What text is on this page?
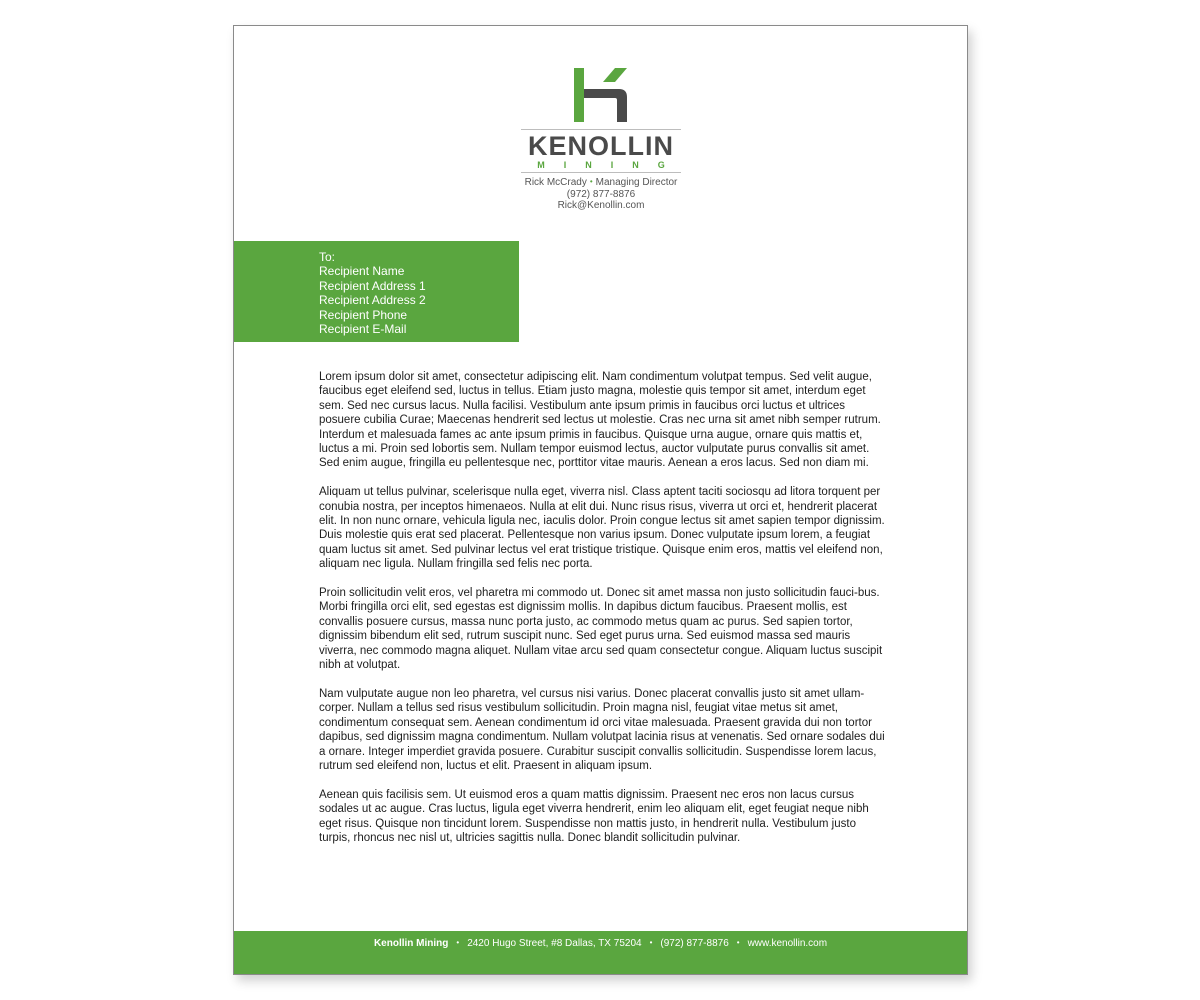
KENOLLIN
MINING
Rick McCrady • Managing Director
(972) 877-8876
Rick@Kenollin.com
To:
Recipient Name
Recipient Address 1
Recipient Address 2
Recipient Phone
Recipient E-Mail

Lorem ipsum dolor sit amet, consectetur adipiscing elit. Nam condimentum volutpat tempus. Sed velit augue, faucibus eget eleifend sed, luctus in tellus. Etiam justo magna, molestie quis tempor sit amet, interdum eget sem. Sed nec cursus lacus. Nulla facilisi. Vestibulum ante ipsum primis in faucibus orci luctus et ultrices posuere cubilia Curae; Maecenas hendrerit sed lectus ut molestie. Cras nec urna sit amet nibh semper rutrum. Interdum et malesuada fames ac ante ipsum primis in faucibus. Quisque urna augue, ornare quis mattis et, luctus a mi. Proin sed lobortis sem. Nullam tempor euismod lectus, auctor vulputate purus convallis sit amet. Sed enim augue, fringilla eu pellentesque nec, porttitor vitae mauris. Aenean a eros lacus. Sed non diam mi.

Aliquam ut tellus pulvinar, scelerisque nulla eget, viverra nisl. Class aptent taciti sociosqu ad litora torquent per conubia nostra, per inceptos himenaeos. Nulla at elit dui. Nunc risus risus, viverra ut orci et, hendrerit placerat elit. In non nunc ornare, vehicula ligula nec, iaculis dolor. Proin congue lectus sit amet sapien tempor dignissim. Duis molestie quis erat sed placerat. Pellentesque non varius ipsum. Donec vulputate ipsum lorem, a feugiat quam luctus sit amet. Sed pulvinar lectus vel erat tristique tristique. Quisque enim eros, mattis vel eleifend non, aliquam nec ligula. Nullam fringilla sed felis nec porta.

Proin sollicitudin velit eros, vel pharetra mi commodo ut. Donec sit amet massa non justo sollicitudin fauci-bus. Morbi fringilla orci elit, sed egestas est dignissim mollis. In dapibus dictum faucibus. Praesent mollis, est convallis posuere cursus, massa nunc porta justo, ac commodo metus quam ac purus. Sed sapien tortor, dignissim bibendum elit sed, rutrum suscipit nunc. Sed eget purus urna. Sed euismod massa sed mauris viverra, nec commodo magna aliquet. Nullam vitae arcu sed quam consectetur congue. Aliquam luctus suscipit nibh at volutpat.

Nam vulputate augue non leo pharetra, vel cursus nisi varius. Donec placerat convallis justo sit amet ullam-corper. Nullam a tellus sed risus vestibulum sollicitudin. Proin magna nisl, feugiat vitae metus sit amet, condimentum consequat sem. Aenean condimentum id orci vitae malesuada. Praesent gravida dui non tortor dapibus, sed dignissim magna condimentum. Nullam volutpat lacinia risus at venenatis. Sed ornare sodales dui a ornare. Integer imperdiet gravida posuere. Curabitur suscipit convallis sollicitudin. Suspendisse lorem lacus, rutrum sed eleifend non, luctus et elit. Praesent in aliquam ipsum.

Aenean quis facilisis sem. Ut euismod eros a quam mattis dignissim. Praesent nec eros non lacus cursus sodales ut ac augue. Cras luctus, ligula eget viverra hendrerit, enim leo aliquam elit, eget feugiat neque nibh eget risus. Quisque non tincidunt lorem. Suspendisse non mattis justo, in hendrerit nulla. Vestibulum justo turpis, rhoncus nec nisl ut, ultricies sagittis nulla. Donec blandit sollicitudin pulvinar.

Kenollin Mining • 2420 Hugo Street, #8 Dallas, TX 75204 • (972) 877-8876 • www.kenollin.com
